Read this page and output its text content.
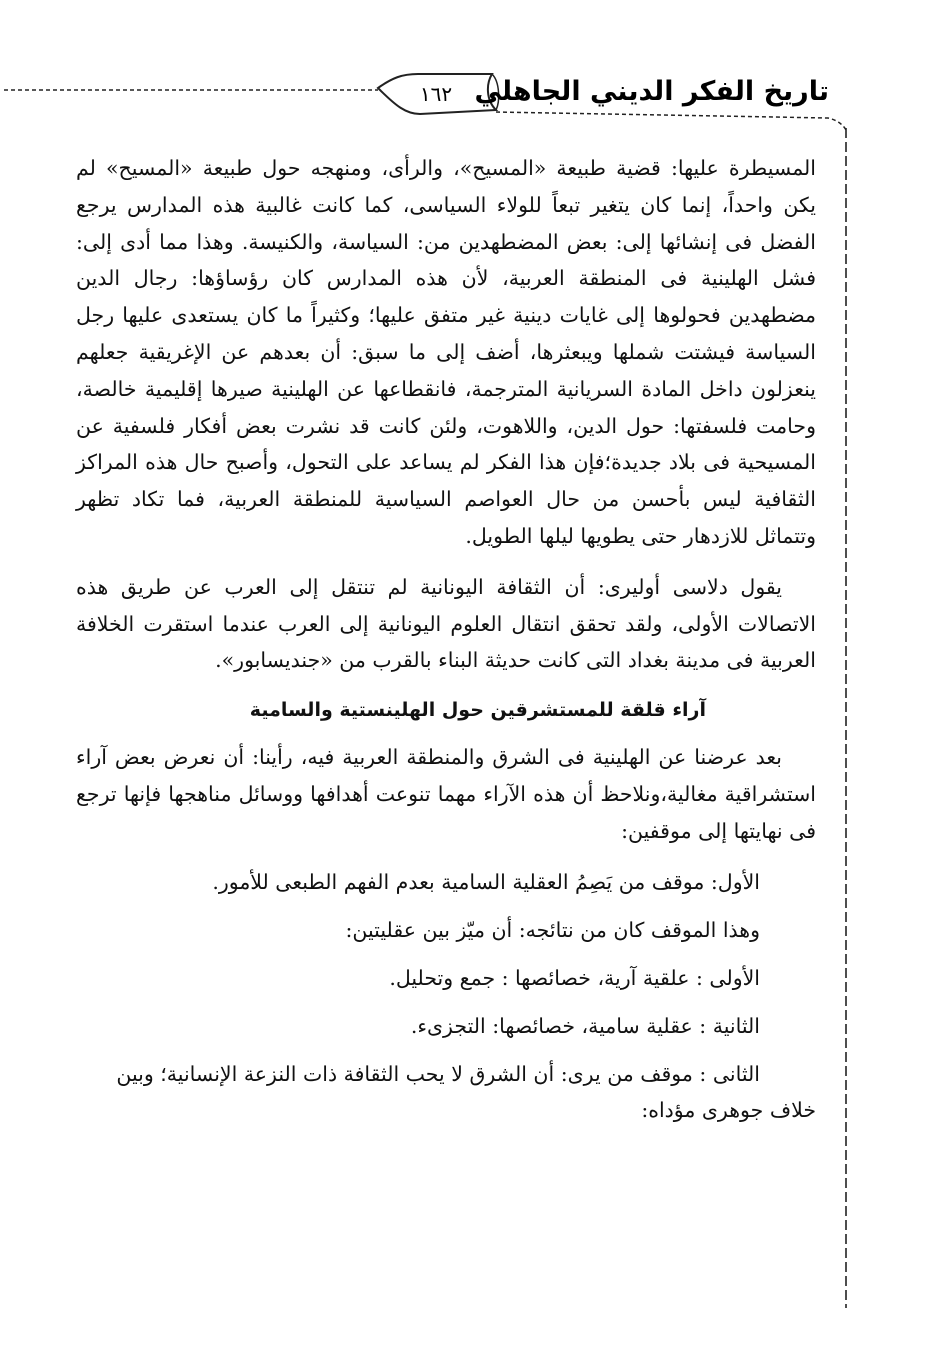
١٦٢ تاريخ الفكر الديني الجاهلي

المسيطرة عليها: قضية طبيعة «المسيح»، والرأى، ومنهجه حول طبيعة «المسيح» لم يكن واحداً، إنما كان يتغير تبعاً للولاء السياسى، كما كانت غالبية هذه المدارس يرجع الفضل فى إنشائها إلى: بعض المضطهدين من: السياسة، والكنيسة. وهذا مما أدى إلى: فشل الهلينية فى المنطقة العربية، لأن هذه المدارس كان رؤساؤها: رجال الدين مضطهدين فحولوها إلى غايات دينية غير متفق عليها؛ وكثيراً ما كان يستعدى عليها رجل السياسة فيشتت شملها ويبعثرها، أضف إلى ما سبق: أن بعدهم عن الإغريقية جعلهم ينعزلون داخل المادة السريانية المترجمة، فانقطاعها عن الهلينية صيرها إقليمية خالصة، وحامت فلسفتها: حول الدين، واللاهوت، ولئن كانت قد نشرت بعض أفكار فلسفية عن المسيحية فى بلاد جديدة؛فإن هذا الفكر لم يساعد على التحول، وأصبح حال هذه المراكز الثقافية ليس بأحسن من حال العواصم السياسية للمنطقة العربية، فما تكاد تظهر وتتماثل للازدهار حتى يطويها ليلها الطويل.

يقول دلاسى أوليرى: أن الثقافة اليونانية لم تنتقل إلى العرب عن طريق هذه الاتصالات الأولى، ولقد تحقق انتقال العلوم اليونانية إلى العرب عندما استقرت الخلافة العربية فى مدينة بغداد التى كانت حديثة البناء بالقرب من «جنديسابور».

آراء قلقة للمستشرقين حول الهلينستية والسامية

بعد عرضنا عن الهلينية فى الشرق والمنطقة العربية فيه، رأينا: أن نعرض بعض آراء استشراقية مغالية،ونلاحظ أن هذه الآراء مهما تنوعت أهدافها ووسائل مناهجها فإنها ترجع فى نهايتها إلى موقفين:

الأول: موقف من يَصِمُ العقلية السامية بعدم الفهم الطبعى للأمور.
وهذا الموقف كان من نتائجه: أن ميّز بين عقليتين:
الأولى : علقية آرية، خصائصها : جمع وتحليل.
الثانية : عقلية سامية، خصائصها: التجزىء.
الثانى : موقف من يرى: أن الشرق لا يحب الثقافة ذات النزعة الإنسانية؛ وبين
خلاف جوهرى مؤداه:
